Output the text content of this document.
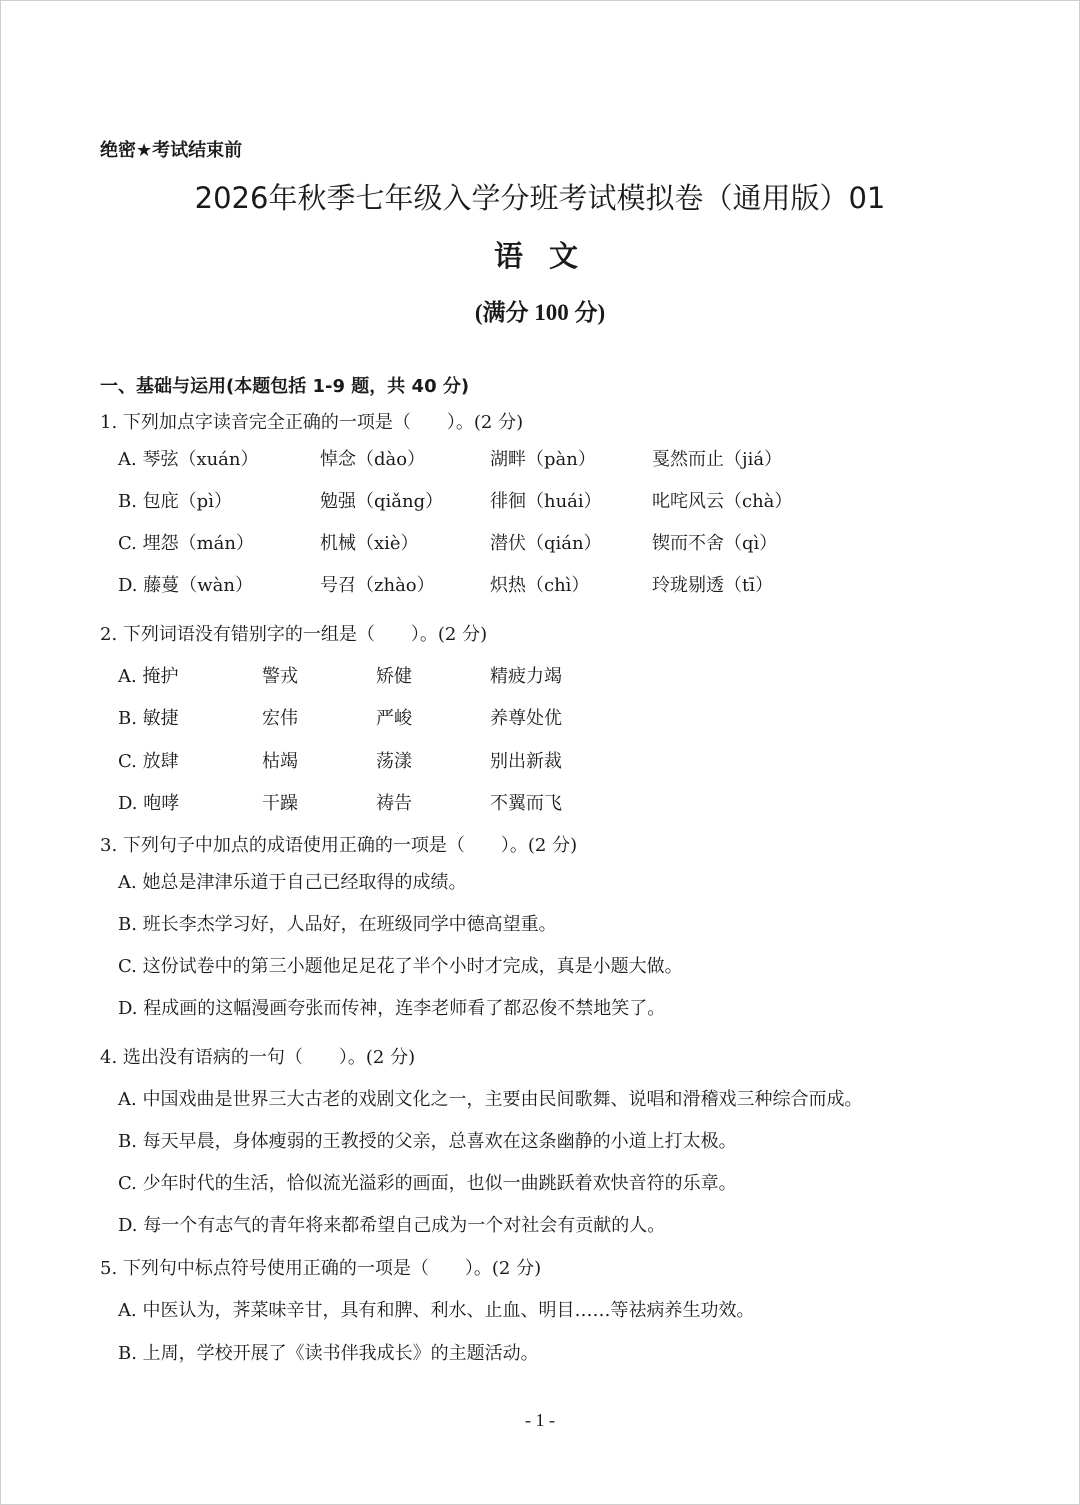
绝密★考试结束前
2026年秋季七年级入学分班考试模拟卷（通用版）01
语 文
(满分 100 分)
一、基础与运用(本题包括 1-9 题，共 40 分)
1. 下列加点字读音完全正确的一项是（　　）。(2 分)
A. 琴弦（xuán）	悼念（dào）	湖畔（pàn）	戛然而止（jiá）
B. 包庇（pì）	勉强（qiǎng）	徘徊（huái）	叱咤风云（chà）
C. 埋怨（mán）	机械（xiè）	潜伏（qián）	锲而不舍（qì）
D. 藤蔓（wàn）	号召（zhào）	炽热（chì）	玲珑剔透（tī）
2. 下列词语没有错别字的一组是（　　）。(2 分)
A. 掩护	警戎	矫健	精疲力竭
B. 敏捷	宏伟	严峻	养尊处优
C. 放肆	枯竭	荡漾	别出新裁
D. 咆哮	干躁	祷告	不翼而飞
3. 下列句子中加点的成语使用正确的一项是（　　）。(2 分)
A. 她总是津津乐道于自己已经取得的成绩。
B. 班长李杰学习好，人品好，在班级同学中德高望重。
C. 这份试卷中的第三小题他足足花了半个小时才完成，真是小题大做。
D. 程成画的这幅漫画夸张而传神，连李老师看了都忍俊不禁地笑了。
4. 选出没有语病的一句（　　）。(2 分)
A. 中国戏曲是世界三大古老的戏剧文化之一，主要由民间歌舞、说唱和滑稽戏三种综合而成。
B. 每天早晨，身体瘦弱的王教授的父亲，总喜欢在这条幽静的小道上打太极。
C. 少年时代的生活，恰似流光溢彩的画面，也似一曲跳跃着欢快音符的乐章。
D. 每一个有志气的青年将来都希望自己成为一个对社会有贡献的人。
5. 下列句中标点符号使用正确的一项是（　　）。(2 分)
A. 中医认为，荠菜味辛甘，具有和脾、利水、止血、明目……等祛病养生功效。
B. 上周，学校开展了《读书伴我成长》的主题活动。
- 1 -
